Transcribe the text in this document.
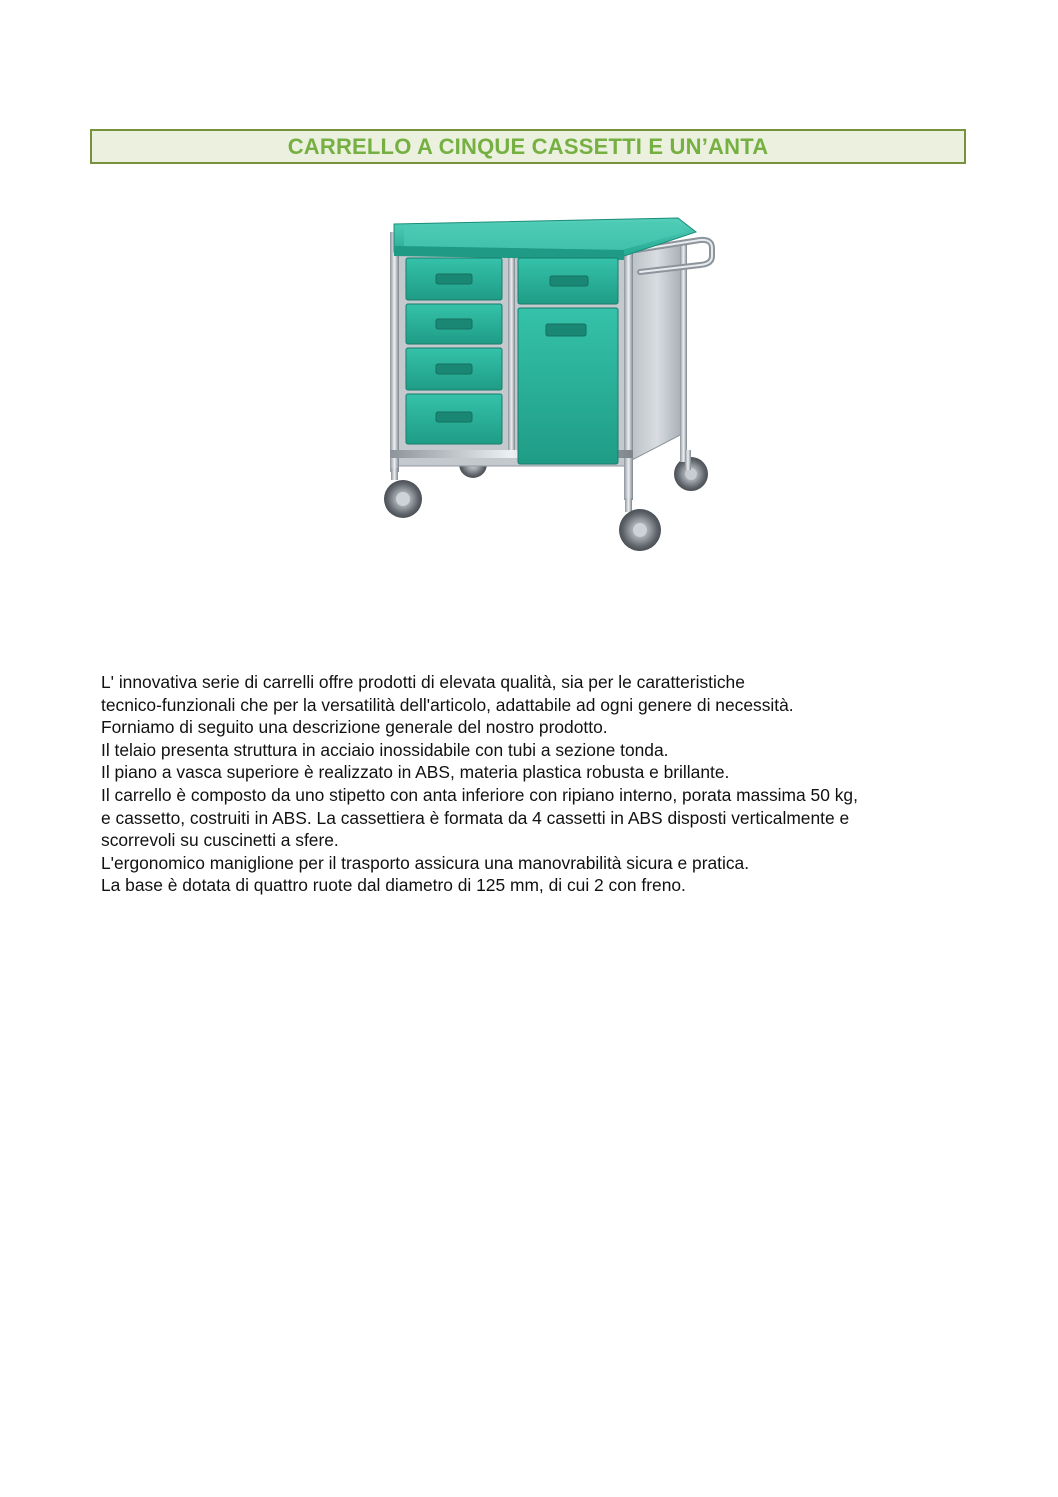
CARRELLO A CINQUE CASSETTI E UN’ANTA
L' innovativa serie di carrelli offre prodotti di elevata qualità, sia per le caratteristiche
tecnico-funzionali che per la versatilità dell'articolo, adattabile ad ogni genere di necessità.
Forniamo di seguito una descrizione generale del nostro prodotto.
Il telaio presenta struttura in acciaio inossidabile con tubi a sezione tonda.
Il piano a vasca superiore è realizzato in ABS, materia plastica robusta e brillante.
Il carrello è composto da uno stipetto con anta inferiore con ripiano interno, porata massima 50 kg,
e cassetto, costruiti in ABS. La cassettiera è formata da 4 cassetti in ABS disposti verticalmente e
scorrevoli su cuscinetti a sfere.
L'ergonomico maniglione per il trasporto assicura una manovrabilità sicura e pratica.
La base è dotata di quattro ruote dal diametro di 125 mm, di cui 2 con freno.
